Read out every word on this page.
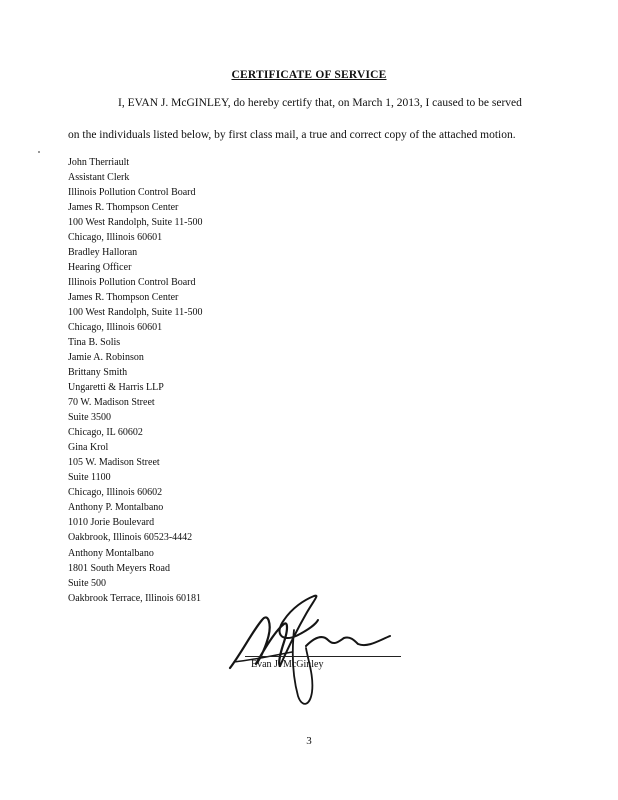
CERTIFICATE OF SERVICE
I, EVAN J. McGINLEY, do hereby certify that, on March 1, 2013, I caused to be served
on the individuals listed below, by first class mail, a true and correct copy of the attached motion.
John Therriault
Assistant Clerk
Illinois Pollution Control Board
James R. Thompson Center
100 West Randolph, Suite 11-500
Chicago, Illinois 60601
Bradley Halloran
Hearing Officer
Illinois Pollution Control Board
James R. Thompson Center
100 West Randolph, Suite 11-500
Chicago, Illinois 60601
Tina B. Solis
Jamie A. Robinson
Brittany Smith
Ungaretti & Harris LLP
70 W. Madison Street
Suite 3500
Chicago, IL 60602
Gina Krol
105 W. Madison Street
Suite 1100
Chicago, Illinois 60602
Anthony P. Montalbano
1010 Jorie Boulevard
Oakbrook, Illinois 60523-4442
Anthony Montalbano
1801 South Meyers Road
Suite 500
Oakbrook Terrace, Illinois 60181
Evan J. McGinley
3
